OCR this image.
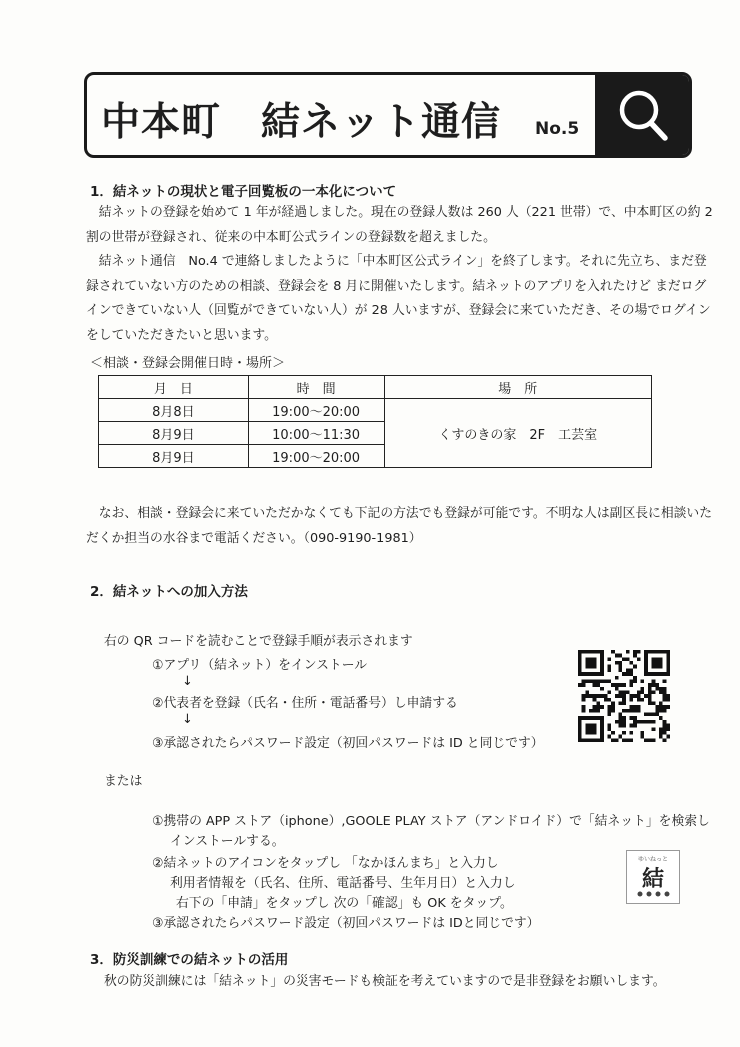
中本町　結ネット通信 No.5
1．結ネットの現状と電子回覧板の一本化について
　結ネットの登録を始めて 1 年が経過しました。現在の登録人数は 260 人（221 世帯）で、中本町区の約 2 割の世帯が登録され、従来の中本町公式ラインの登録数を超えました。
　結ネット通信　No.4 で連絡しましたように「中本町区公式ライン」を終了します。それに先立ち、まだ登録されていない方のための相談、登録会を 8 月に開催いたします。結ネットのアプリを入れたけど まだログインできていない人（回覧ができていない人）が 28 人いますが、登録会に来ていただき、その場でログインをしていただきたいと思います。
＜相談・登録会開催日時・場所＞
月　日	時　間	場　所
8月8日	19:00～20:00	くすのきの家　2F　工芸室
8月9日	10:00～11:30	
8月9日	19:00～20:00	
　なお、相談・登録会に来ていただかなくても下記の方法でも登録が可能です。不明な人は副区長に相談いただくか担当の水谷まで電話ください。（090-9190-1981）
2．結ネットへの加入方法
右の QR コードを読むことで登録手順が表示されます
①アプリ（結ネット）をインストール
↓
②代表者を登録（氏名・住所・電話番号）し申請する
↓
③承認されたらパスワード設定（初回パスワードは ID と同じです）
または
①携帯の APP ストア（iphone）,GOOLE PLAY ストア（アンドロイド）で「結ネット」を検索し
インストールする。
②結ネットのアイコンをタップし 「なかほんまち」と入力し
利用者情報を（氏名、住所、電話番号、生年月日）と入力し
右下の「申請」をタップし 次の「確認」も OK をタップ。
③承認されたらパスワード設定（初回パスワードは IDと同じです）
ゆいねっと
結
3．防災訓練での結ネットの活用
秋の防災訓練には「結ネット」の災害モードも検証を考えていますので是非登録をお願いします。
